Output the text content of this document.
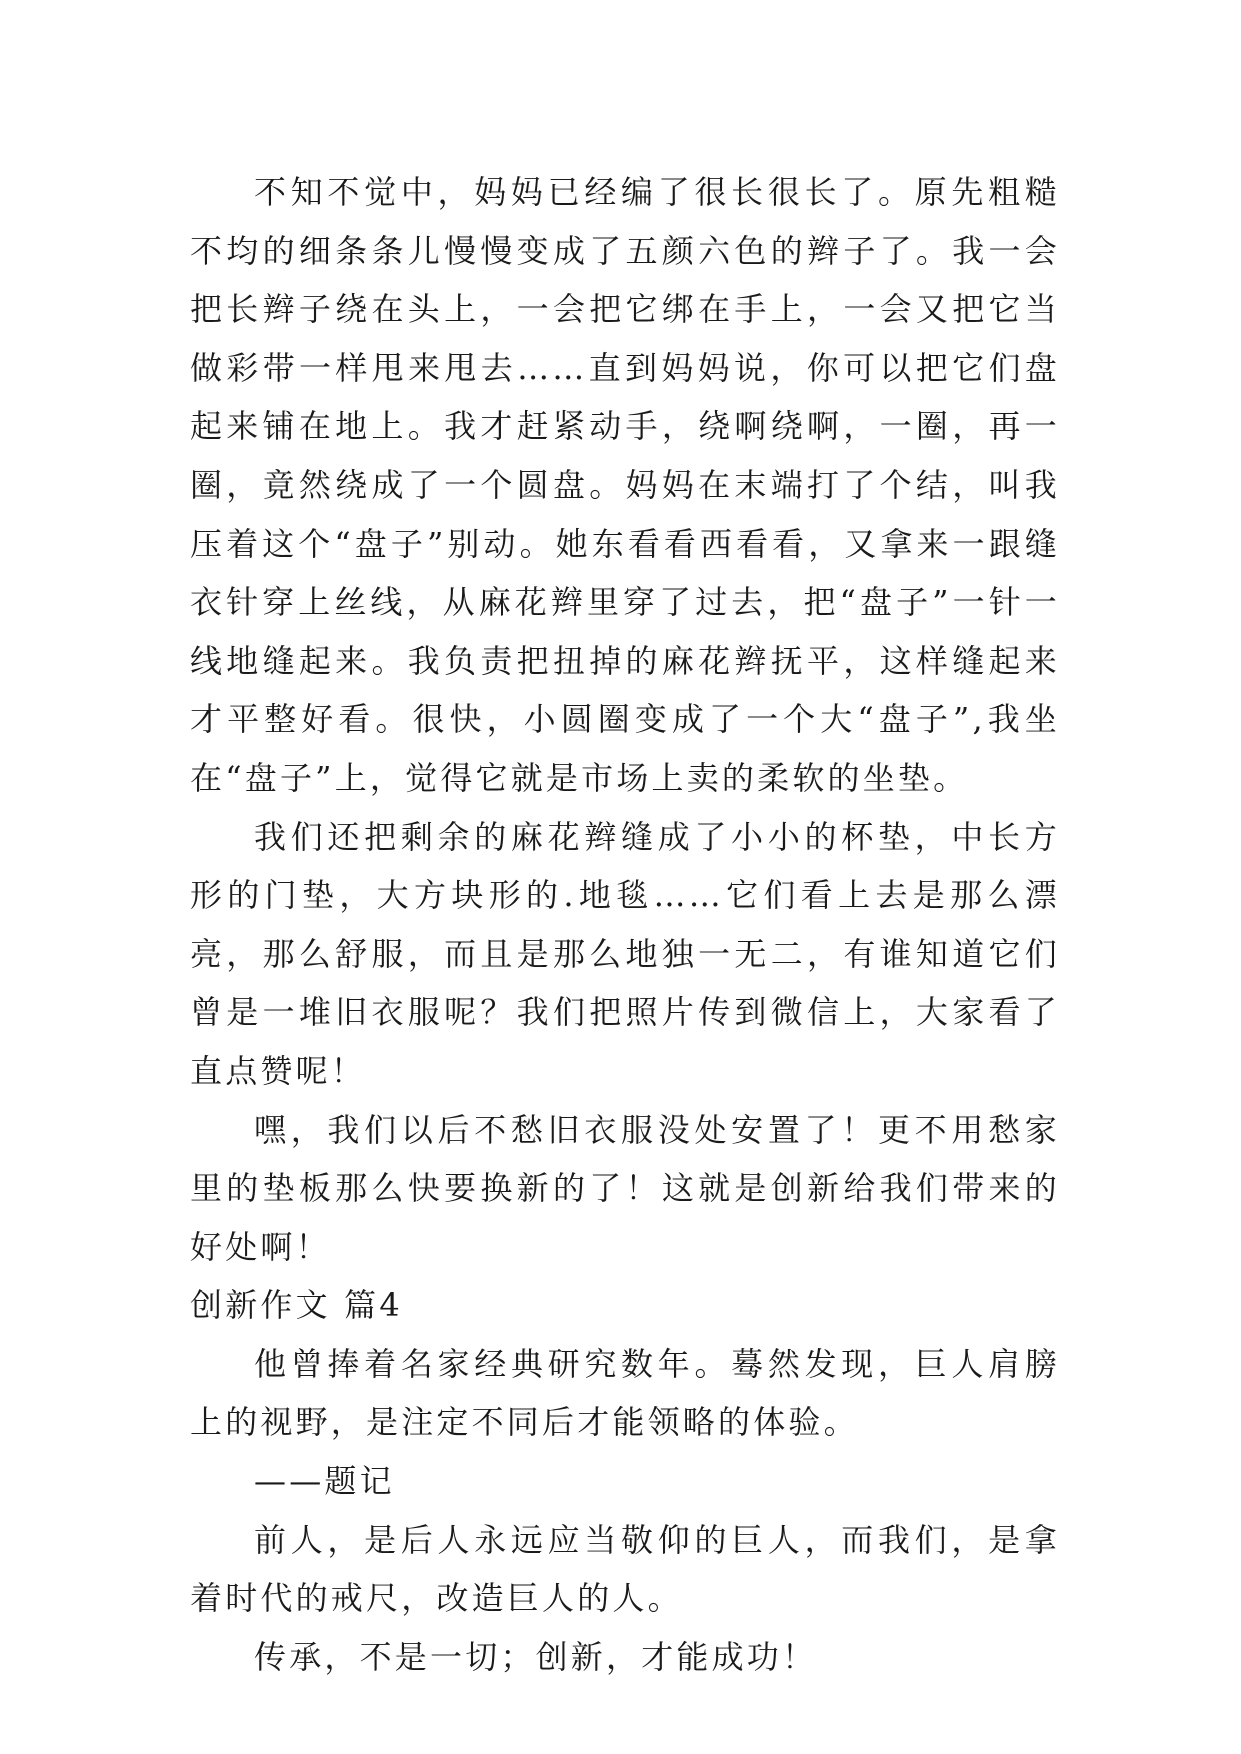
不知不觉中，妈妈已经编了很长很长了。原先粗糙不均的细条条儿慢慢变成了五颜六色的辫子了。我一会把长辫子绕在头上，一会把它绑在手上，一会又把它当做彩带一样甩来甩去……直到妈妈说，你可以把它们盘起来铺在地上。我才赶紧动手，绕啊绕啊，一圈，再一圈，竟然绕成了一个圆盘。妈妈在末端打了个结，叫我压着这个“盘子”别动。她东看看西看看，又拿来一跟缝衣针穿上丝线，从麻花辫里穿了过去，把“盘子”一针一线地缝起来。我负责把扭掉的麻花辫抚平，这样缝起来才平整好看。很快，小圆圈变成了一个大“盘子”,我坐在“盘子”上，觉得它就是市场上卖的柔软的坐垫。

我们还把剩余的麻花辫缝成了小小的杯垫，中长方形的门垫，大方块形的.地毯……它们看上去是那么漂亮，那么舒服，而且是那么地独一无二，有谁知道它们曾是一堆旧衣服呢？我们把照片传到微信上，大家看了直点赞呢！

嘿，我们以后不愁旧衣服没处安置了！更不用愁家里的垫板那么快要换新的了！这就是创新给我们带来的好处啊！

创新作文 篇4

他曾捧着名家经典研究数年。蓦然发现，巨人肩膀上的视野，是注定不同后才能领略的体验。

——题记

前人，是后人永远应当敬仰的巨人，而我们，是拿着时代的戒尺，改造巨人的人。

传承，不是一切；创新，才能成功！
